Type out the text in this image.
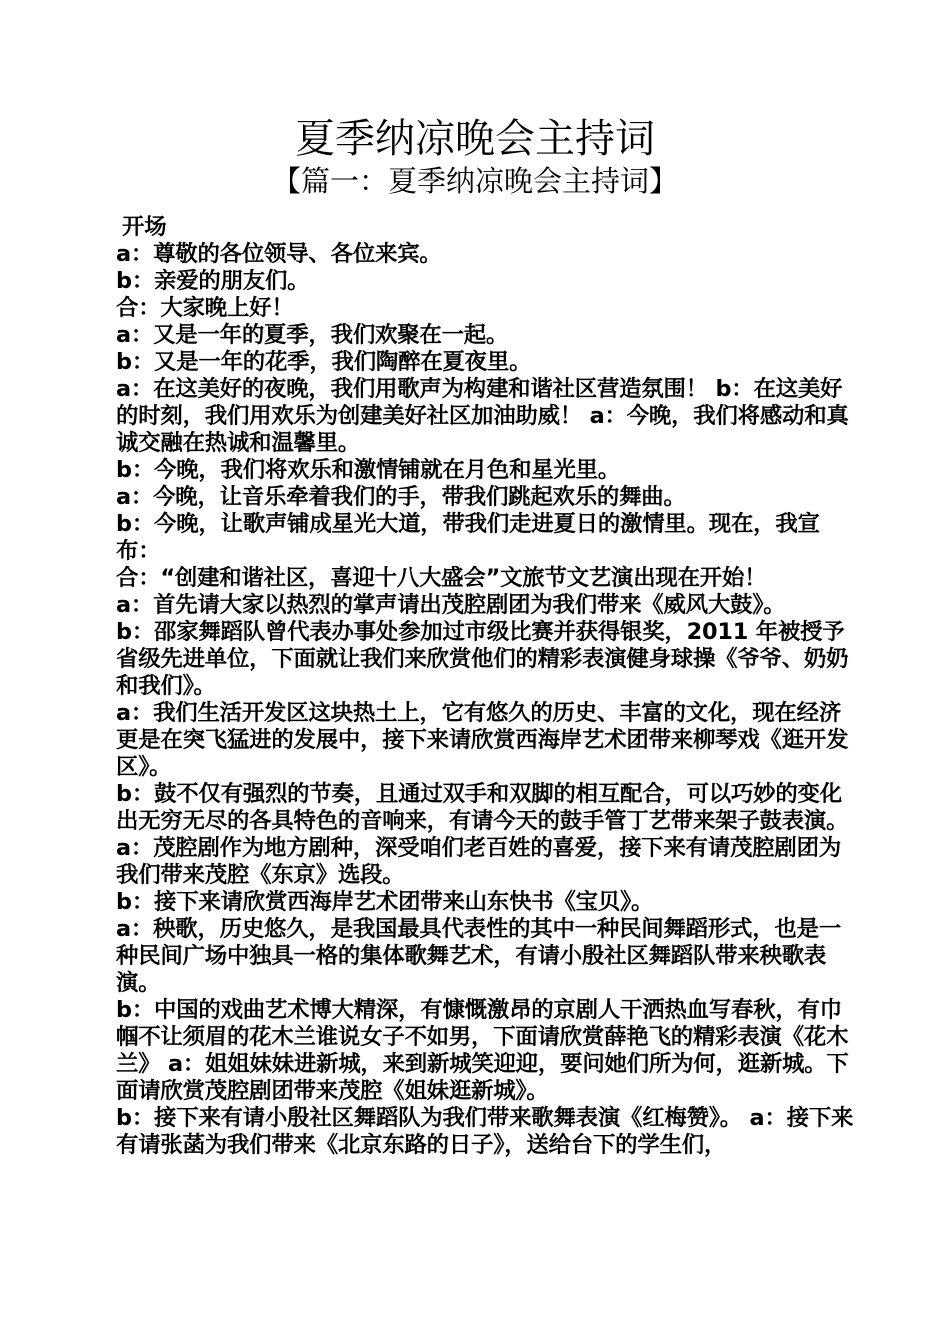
夏季纳凉晚会主持词
【篇一：夏季纳凉晚会主持词】

开场

a：尊敬的各位领导、各位来宾。

b：亲爱的朋友们。

合：大家晚上好！

a：又是一年的夏季，我们欢聚在一起。

b：又是一年的花季，我们陶醉在夏夜里。

a：在这美好的夜晚，我们用歌声为构建和谐社区营造氛围！ b：在这美好的时刻，我们用欢乐为创建美好社区加油助威！ a：今晚，我们将感动和真诚交融在热诚和温馨里。

b：今晚，我们将欢乐和激情铺就在月色和星光里。

a：今晚，让音乐牵着我们的手，带我们跳起欢乐的舞曲。

b：今晚，让歌声铺成星光大道，带我们走进夏日的激情里。现在，我宣布：

合：“创建和谐社区，喜迎十八大盛会”文旅节文艺演出现在开始！

a：首先请大家以热烈的掌声请出茂腔剧团为我们带来《威风大鼓》。

b：邵家舞蹈队曾代表办事处参加过市级比赛并获得银奖，2011 年被授予省级先进单位，下面就让我们来欣赏他们的精彩表演健身球操《爷爷、奶奶和我们》。

a：我们生活开发区这块热土上，它有悠久的历史、丰富的文化，现在经济更是在突飞猛进的发展中，接下来请欣赏西海岸艺术团带来柳琴戏《逛开发区》。

b：鼓不仅有强烈的节奏，且通过双手和双脚的相互配合，可以巧妙的变化出无穷无尽的各具特色的音响来，有请今天的鼓手管丁艺带来架子鼓表演。

a：茂腔剧作为地方剧种，深受咱们老百姓的喜爱，接下来有请茂腔剧团为我们带来茂腔《东京》选段。

b：接下来请欣赏西海岸艺术团带来山东快书《宝贝》。

a：秧歌，历史悠久，是我国最具代表性的其中一种民间舞蹈形式，也是一种民间广场中独具一格的集体歌舞艺术，有请小殷社区舞蹈队带来秧歌表演。

b：中国的戏曲艺术博大精深，有慷慨激昂的京剧人干洒热血写春秋，有巾帼不让须眉的花木兰谁说女子不如男，下面请欣赏薛艳飞的精彩表演《花木兰》 a：姐姐妹妹进新城，来到新城笑迎迎，要问她们所为何，逛新城。下面请欣赏茂腔剧团带来茂腔《姐妹逛新城》。

b：接下来有请小殷社区舞蹈队为我们带来歌舞表演《红梅赞》。 a：接下来有请张菡为我们带来《北京东路的日子》，送给台下的学生们，
